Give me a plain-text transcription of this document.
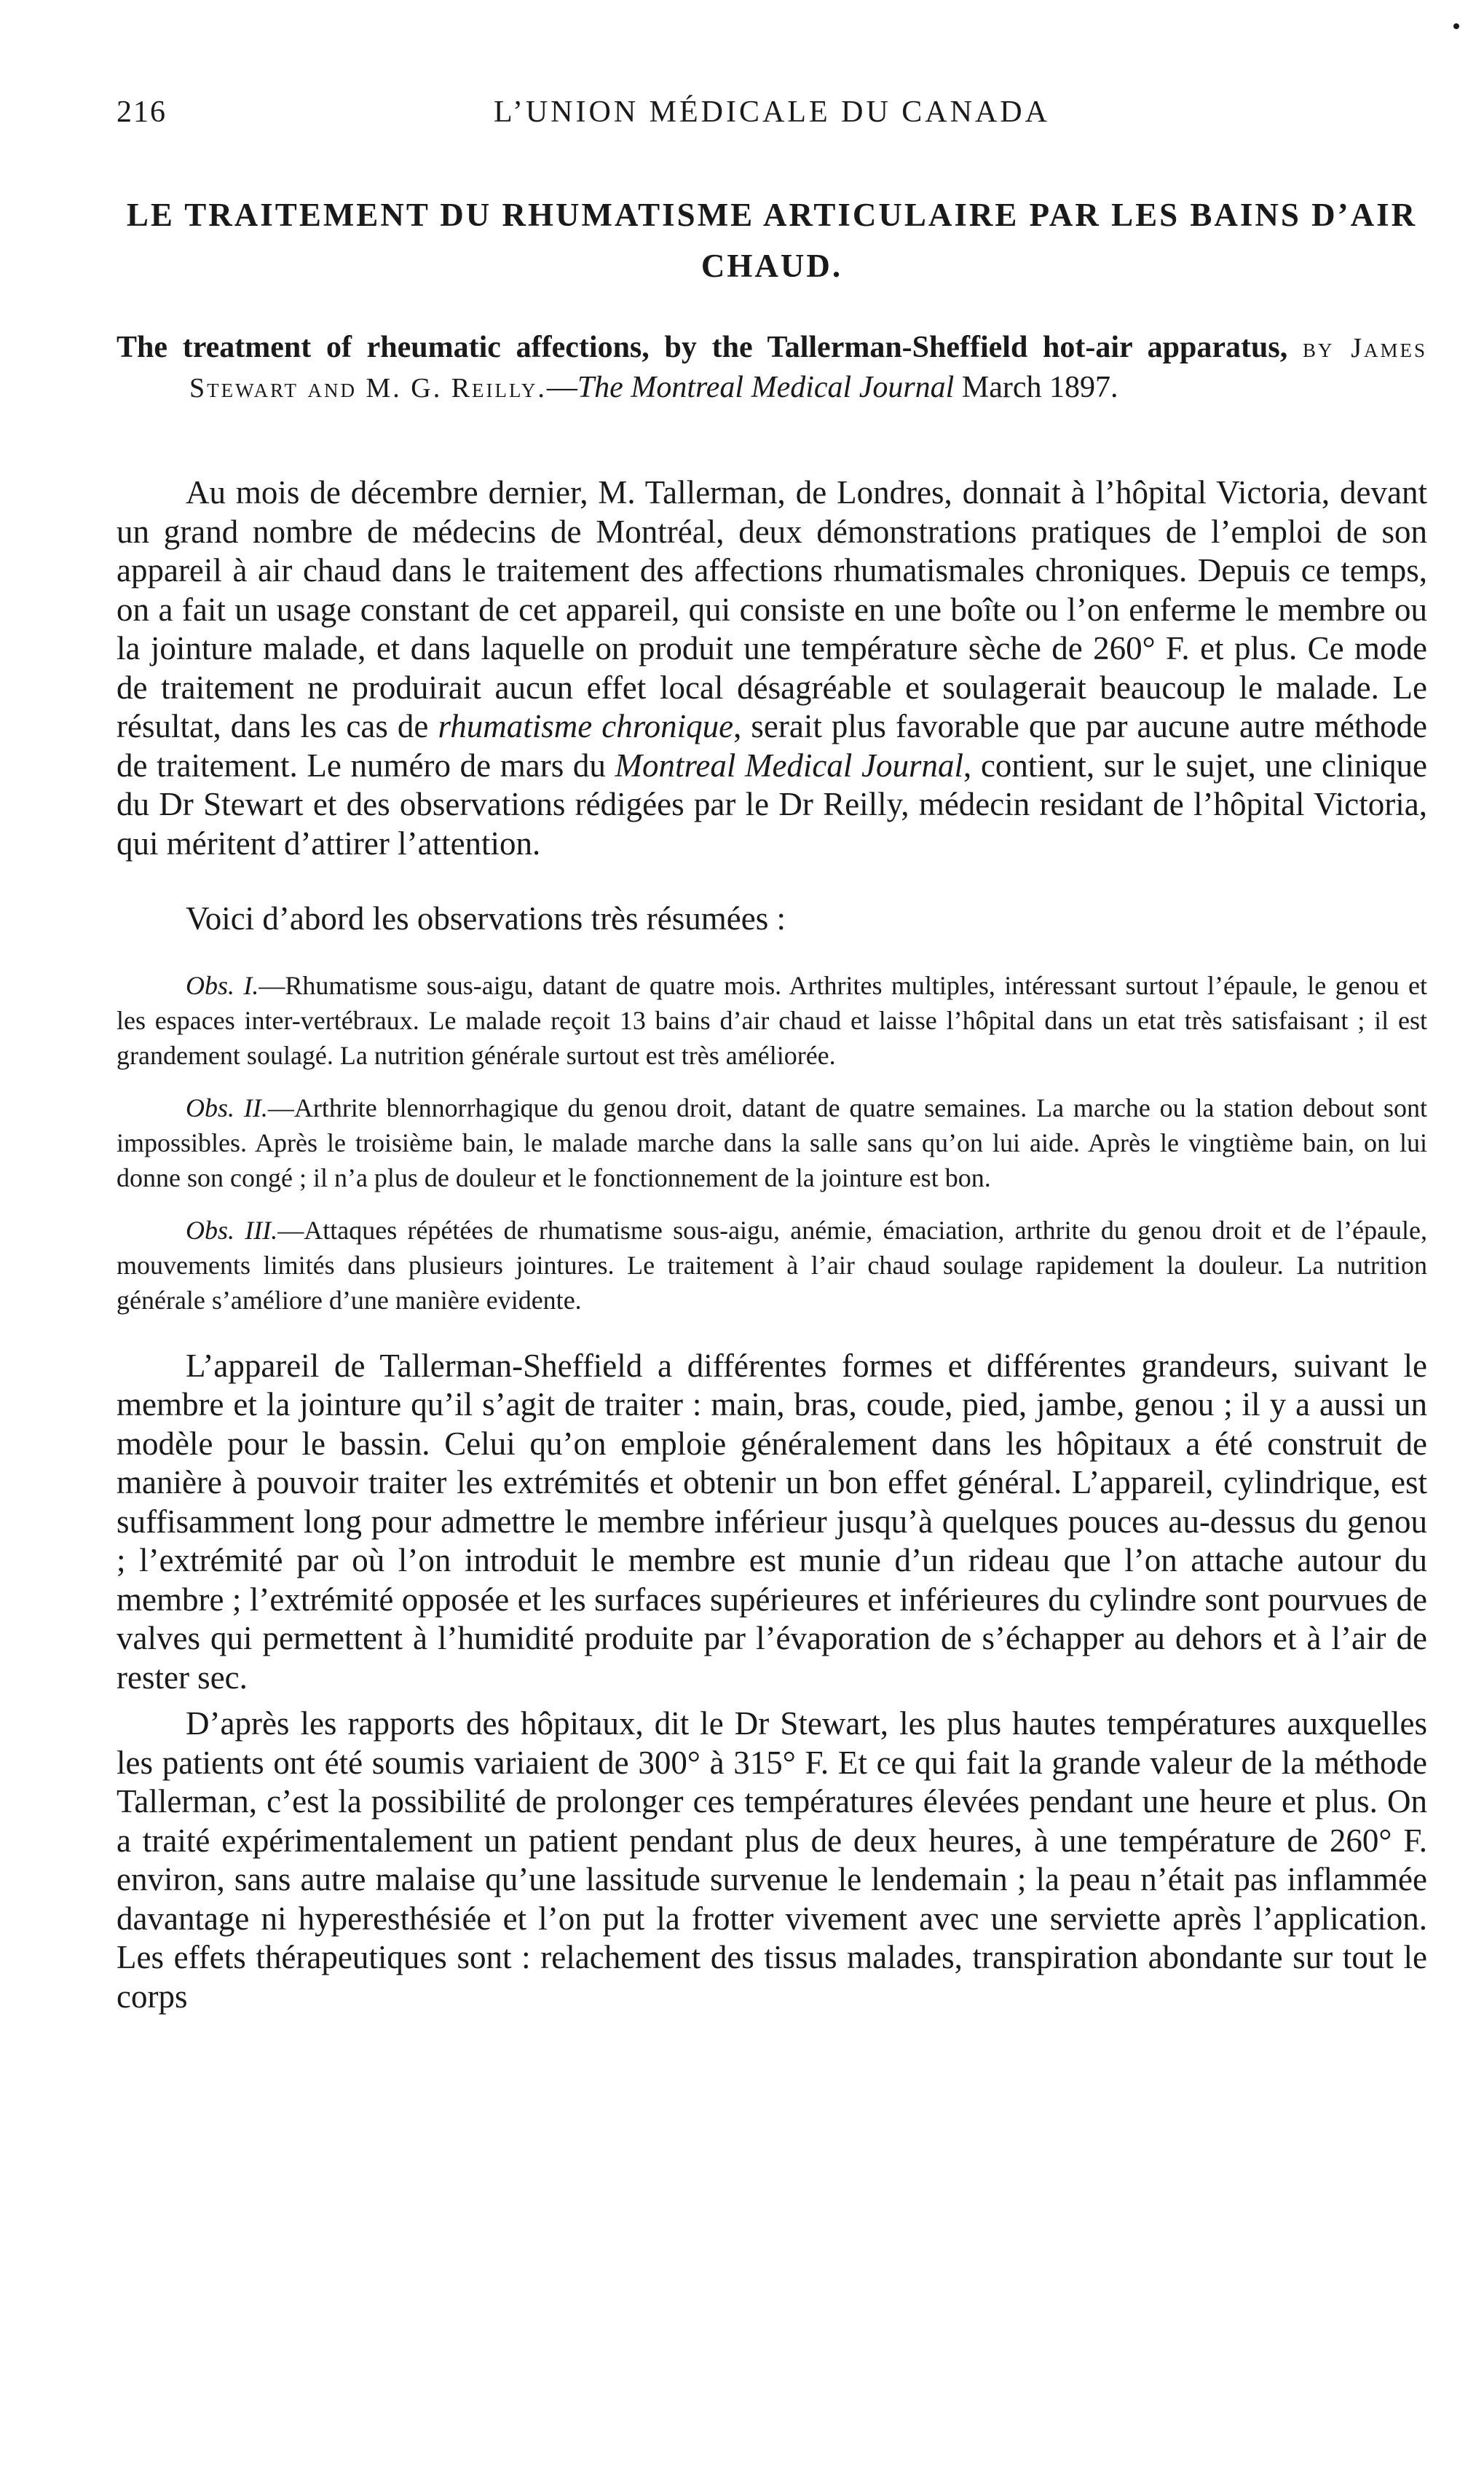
216	L’UNION MÉDICALE DU CANADA
LE TRAITEMENT DU RHUMATISME ARTICULAIRE PAR LES BAINS D’AIR CHAUD.
The treatment of rheumatic affections, by the Tallerman-Sheffield hot-air apparatus, by James Stewart and M. G. Reilly.—The Montreal Medical Journal March 1897.

Au mois de décembre dernier, M. Tallerman, de Londres, donnait à l’hôpital Victoria, devant un grand nombre de médecins de Montréal, deux démonstrations pratiques de l’emploi de son appareil à air chaud dans le traitement des affections rhumatismales chroniques. Depuis ce temps, on a fait un usage constant de cet appareil, qui consiste en une boîte ou l’on enferme le membre ou la jointure malade, et dans laquelle on produit une température sèche de 260° F. et plus. Ce mode de traitement ne produirait aucun effet local désagréable et soulagerait beaucoup le malade. Le résultat, dans les cas de rhumatisme chronique, serait plus favorable que par aucune autre méthode de traitement. Le numéro de mars du Montreal Medical Journal, contient, sur le sujet, une clinique du Dr Stewart et des observations rédigées par le Dr Reilly, médecin residant de l’hôpital Victoria, qui méritent d’attirer l’attention.

Voici d’abord les observations très résumées :

Obs. I.—Rhumatisme sous-aigu, datant de quatre mois. Arthrites multiples, intéressant surtout l’épaule, le genou et les espaces inter-vertébraux. Le malade reçoit 13 bains d’air chaud et laisse l’hôpital dans un etat très satisfaisant ; il est grandement soulagé. La nutrition générale surtout est très améliorée.

Obs. II.—Arthrite blennorrhagique du genou droit, datant de quatre semaines. La marche ou la station debout sont impossibles. Après le troisième bain, le malade marche dans la salle sans qu’on lui aide. Après le vingtième bain, on lui donne son congé ; il n’a plus de douleur et le fonctionnement de la jointure est bon.

Obs. III.—Attaques répétées de rhumatisme sous-aigu, anémie, émaciation, arthrite du genou droit et de l’épaule, mouvements limités dans plusieurs jointures. Le traitement à l’air chaud soulage rapidement la douleur. La nutrition générale s’améliore d’une manière evidente.

L’appareil de Tallerman-Sheffield a différentes formes et différentes grandeurs, suivant le membre et la jointure qu’il s’agit de traiter : main, bras, coude, pied, jambe, genou ; il y a aussi un modèle pour le bassin. Celui qu’on emploie généralement dans les hôpitaux a été construit de manière à pouvoir traiter les extrémités et obtenir un bon effet général. L’appareil, cylindrique, est suffisamment long pour admettre le membre inférieur jusqu’à quelques pouces au-dessus du genou ; l’extrémité par où l’on introduit le membre est munie d’un rideau que l’on attache autour du membre ; l’extrémité opposée et les surfaces supérieures et inférieures du cylindre sont pourvues de valves qui permettent à l’humidité produite par l’évaporation de s’échapper au dehors et à l’air de rester sec.

D’après les rapports des hôpitaux, dit le Dr Stewart, les plus hautes températures auxquelles les patients ont été soumis variaient de 300° à 315° F. Et ce qui fait la grande valeur de la méthode Tallerman, c’est la possibilité de prolonger ces températures élevées pendant une heure et plus. On a traité expérimentalement un patient pendant plus de deux heures, à une température de 260° F. environ, sans autre malaise qu’une lassitude survenue le lendemain ; la peau n’était pas inflammée davantage ni hyperesthésiée et l’on put la frotter vivement avec une serviette après l’application. Les effets thérapeutiques sont : relachement des tissus malades, transpiration abondante sur tout le corps
